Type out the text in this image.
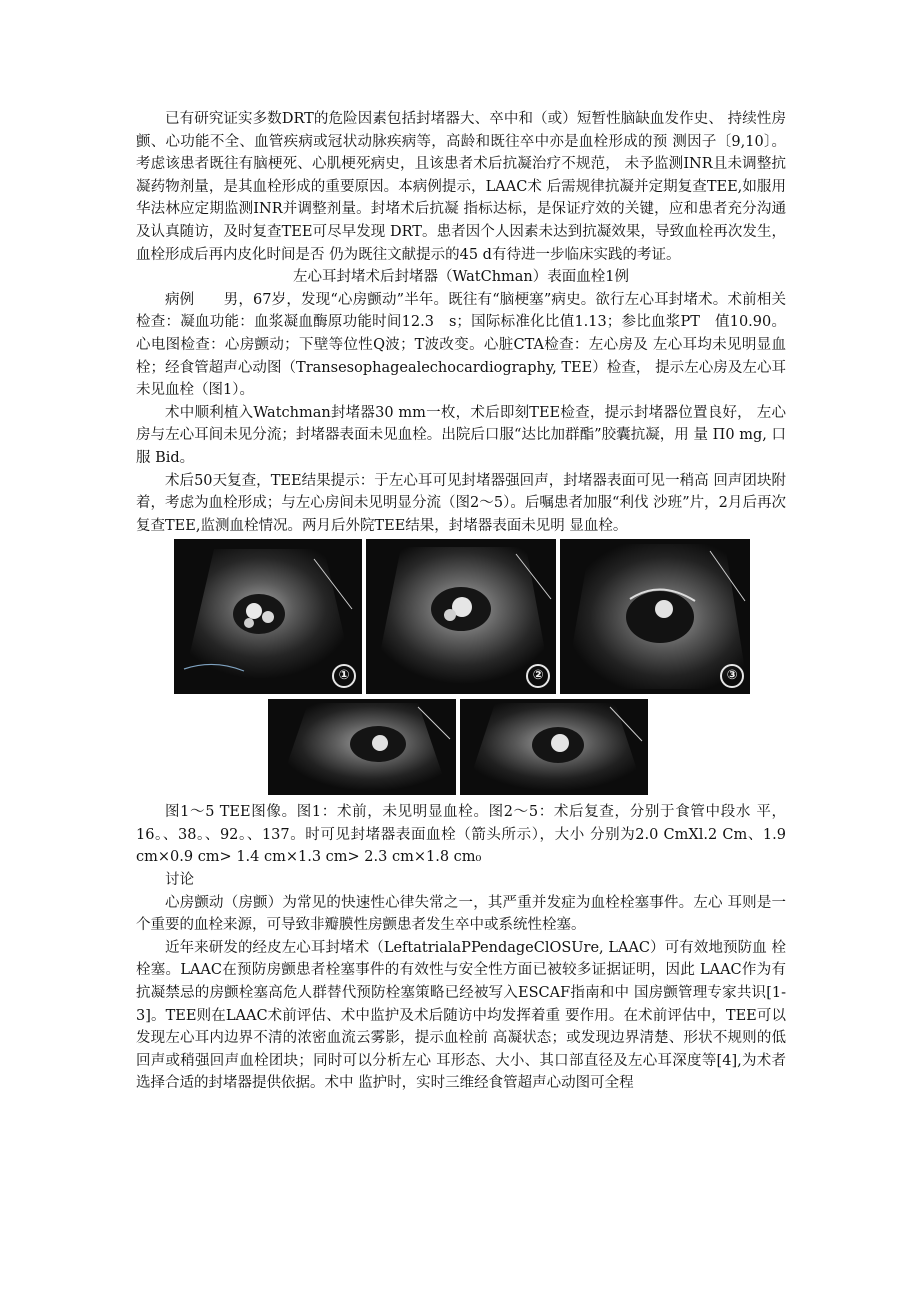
已有研究证实多数DRT的危险因素包括封堵器大、卒中和（或）短暂性脑缺血发作史、 持续性房颤、心功能不全、血管疾病或冠状动脉疾病等，高龄和既往卒中亦是血栓形成的预 测因子〔9,10〕。考虑该患者既往有脑梗死、心肌梗死病史，且该患者术后抗凝治疗不规范， 未予监测INR且未调整抗凝药物剂量，是其血栓形成的重要原因。本病例提示，LAAC术 后需规律抗凝并定期复查TEE,如服用华法林应定期监测INR并调整剂量。封堵术后抗凝 指标达标，是保证疗效的关键，应和患者充分沟通及认真随访，及时复查TEE可尽早发现 DRT。患者因个人因素未达到抗凝效果，导致血栓再次发生，血栓形成后再内皮化时间是否 仍为既往文献提示的45 d有待进一步临床实践的考证。

左心耳封堵术后封堵器（WatChman）表面血栓1例

病例　　男，67岁，发现“心房颤动”半年。既往有“脑梗塞”病史。欲行左心耳封堵术。术前相关检查：凝血功能：血浆凝血酶原功能时间12.3　s；国际标准化比值1.13；参比血浆PT　值10.90。心电图检查：心房颤动；下壁等位性Q波；T波改变。心脏CTA检查：左心房及 左心耳均未见明显血栓；经食管超声心动图（Transesophagealechocardiography, TEE）检查， 提示左心房及左心耳未见血栓（图1）。

术中顺利植入Watchman封堵器30 mm一枚，术后即刻TEE检查，提示封堵器位置良好， 左心房与左心耳间未见分流；封堵器表面未见血栓。出院后口服“达比加群酯”胶囊抗凝，用 量 Π0 mg, 口服 Bid。

术后50天复查，TEE结果提示：于左心耳可见封堵器强回声，封堵器表面可见一稍高 回声团块附着，考虑为血栓形成；与左心房间未见明显分流（图2～5）。后嘱患者加服“利伐 沙班”片，2月后再次复查TEE,监测血栓情况。两月后外院TEE结果，封堵器表面未见明 显血栓。

①	②	③

图1～5 TEE图像。图1：术前，未见明显血栓。图2～5：术后复查，分别于食管中段水 平，16。、38。、92。、137。时可见封堵器表面血栓（箭头所示），大小 分别为2.0 CmXl.2 Cm、1.9 cm×0.9 cm> 1.4 cm×1.3 cm> 2.3 cm×1.8 cm₀

讨论

心房颤动（房颤）为常见的快速性心律失常之一，其严重并发症为血栓栓塞事件。左心 耳则是一个重要的血栓来源，可导致非瓣膜性房颤患者发生卒中或系统性栓塞。

近年来研发的经皮左心耳封堵术（LeftatrialaPPendageClOSUre, LAAC）可有效地预防血 栓栓塞。LAAC在预防房颤患者栓塞事件的有效性与安全性方面已被较多证据证明，因此 LAAC作为有抗凝禁忌的房颤栓塞高危人群替代预防栓塞策略已经被写入ESCAF指南和中 国房颤管理专家共识[1-3]。TEE则在LAAC术前评估、术中监护及术后随访中均发挥着重 要作用。在术前评估中，TEE可以发现左心耳内边界不清的浓密血流云雾影，提示血栓前 高凝状态；或发现边界清楚、形状不规则的低回声或稍强回声血栓团块；同时可以分析左心 耳形态、大小、其口部直径及左心耳深度等[4],为术者选择合适的封堵器提供依据。术中 监护时，实时三维经食管超声心动图可全程
